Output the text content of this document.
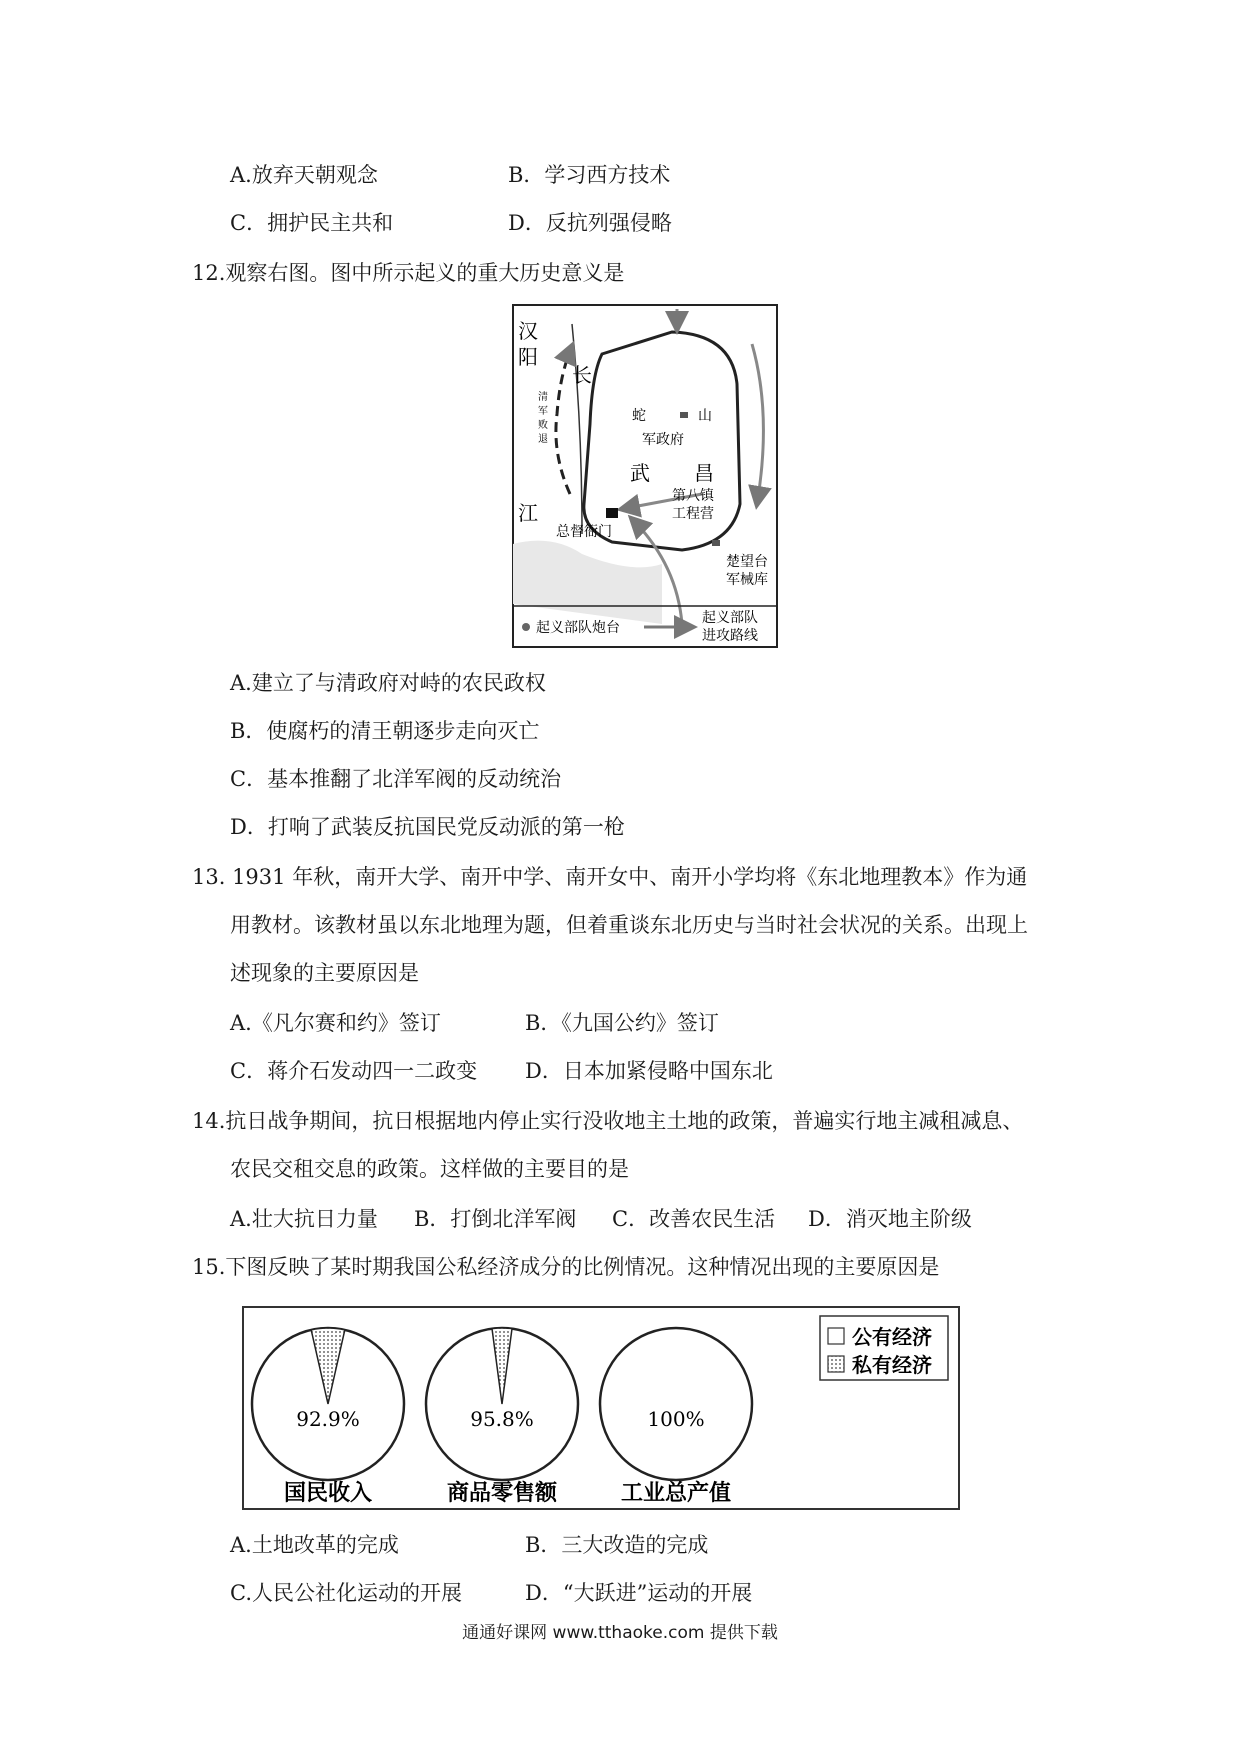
A.放弃天朝观念	B．学习西方技术
C．拥护民主共和	D．反抗列强侵略
12.观察右图。图中所示起义的重大历史意义是
汉
阳
长
江
清
军
败
退
蛇	山
军政府
武 昌
第八镇
工程营
总督衙门
楚望台
军械库
起义部队炮台
起义部队
进攻路线
A.建立了与清政府对峙的农民政权
B．使腐朽的清王朝逐步走向灭亡
C．基本推翻了北洋军阀的反动统治
D．打响了武装反抗国民党反动派的第一枪
13. 1931 年秋，南开大学、南开中学、南开女中、南开小学均将《东北地理教本》作为通
用教材。该教材虽以东北地理为题，但着重谈东北历史与当时社会状况的关系。出现上
述现象的主要原因是
A.《凡尔赛和约》签订	B．《九国公约》签订
C．蒋介石发动四一二政变 D．日本加紧侵略中国东北
14.抗日战争期间，抗日根据地内停止实行没收地主土地的政策，普遍实行地主减租减息、
农民交租交息的政策。这样做的主要目的是
A.壮大抗日力量 B．打倒北洋军阀 C．改善农民生活 D．消灭地主阶级
15.下图反映了某时期我国公私经济成分的比例情况。这种情况出现的主要原因是
92.9%
国民收入
95.8%
商品零售额
100%
工业总产值
公有经济
私有经济
A.土地改革的完成	B．三大改造的完成
C.人民公社化运动的开展	D．“大跃进”运动的开展
通通好课网 www.tthaoke.com 提供下载
